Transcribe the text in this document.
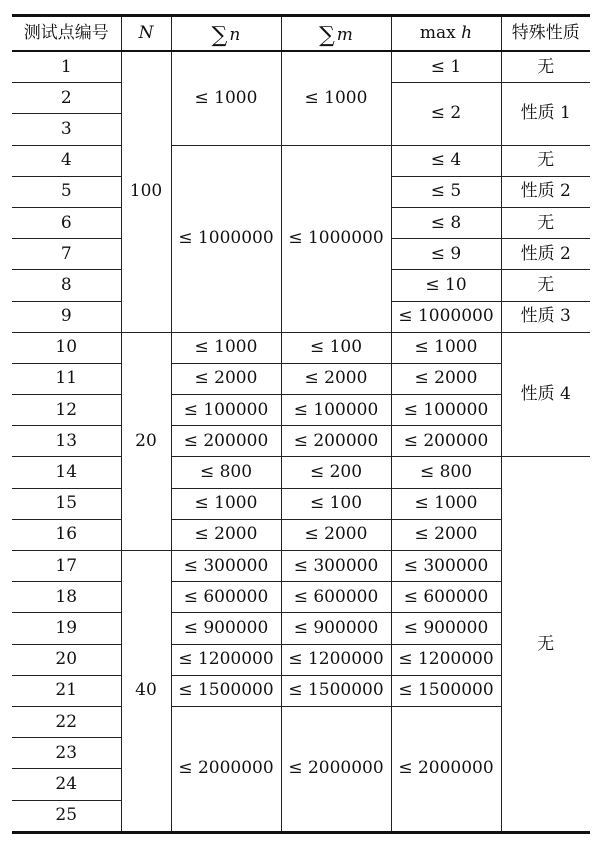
测试点编号	N	∑ n	∑ m	max h	特殊性质
1	100	≤ 1000	≤ 1000	≤ 1	无
2				≤ 2	性质 1
3					
4		≤ 1000000	≤ 1000000	≤ 4	无
5				≤ 5	性质 2
6				≤ 8	无
7				≤ 9	性质 2
8				≤ 10	无
9				≤ 1000000	性质 3
10	20	≤ 1000	≤ 100	≤ 1000	性质 4
11		≤ 2000	≤ 2000	≤ 2000	
12		≤ 100000	≤ 100000	≤ 100000	
13		≤ 200000	≤ 200000	≤ 200000	
14		≤ 800	≤ 200	≤ 800	无
15		≤ 1000	≤ 100	≤ 1000	
16		≤ 2000	≤ 2000	≤ 2000	
17	40	≤ 300000	≤ 300000	≤ 300000	
18		≤ 600000	≤ 600000	≤ 600000	
19		≤ 900000	≤ 900000	≤ 900000	
20		≤ 1200000	≤ 1200000	≤ 1200000	
21		≤ 1500000	≤ 1500000	≤ 1500000	
22		≤ 2000000	≤ 2000000	≤ 2000000	
23					
24					
25					
